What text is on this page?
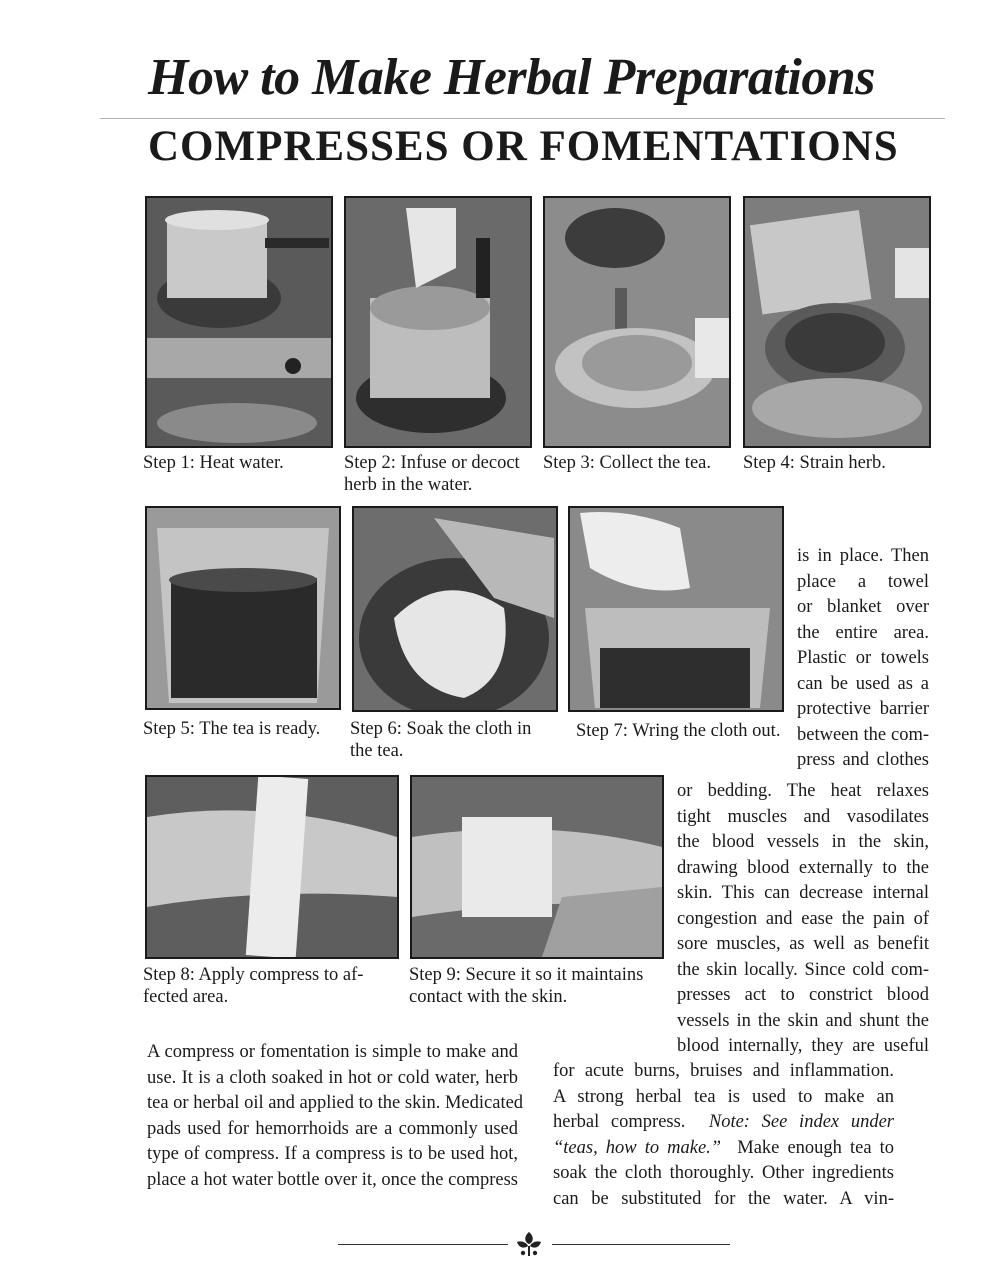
How to Make Herbal Preparations
COMPRESSES OR FOMENTATIONS
Step 1: Heat water.	Step 2: Infuse or decoct
herb in the water.
Step 3: Collect the tea. Step 4: Strain herb.
Step 5: The tea is ready. Step 6: Soak the cloth in
the tea.
Step 7: Wring the cloth out.
is in place. Then
place a towel
or blanket over
the entire area.
Plastic or towels
can be used as a
protective barrier
between the com-
press and clothes
Step 8: Apply compress to af-
fected area.
Step 9: Secure it so it maintains
contact with the skin.
or bedding. The heat relaxes
tight muscles and vasodilates
the blood vessels in the skin,
drawing blood externally to the
skin. This can decrease internal
congestion and ease the pain of
sore muscles, as well as benefit
the skin locally. Since cold com-
presses act to constrict blood
vessels in the skin and shunt the
blood internally, they are useful
A compress or fomentation is simple to make and
use. It is a cloth soaked in hot or cold water, herb
tea or herbal oil and applied to the skin. Medicated
pads used for hemorrhoids are a commonly used
type of compress. If a compress is to be used hot,
place a hot water bottle over it, once the compress
for acute burns, bruises and inflammation.
A strong herbal tea is used to make an
herbal compress. Note: See index under
“teas, how to make.” Make enough tea to
soak the cloth thoroughly. Other ingredients
can be substituted for the water. A vin-
